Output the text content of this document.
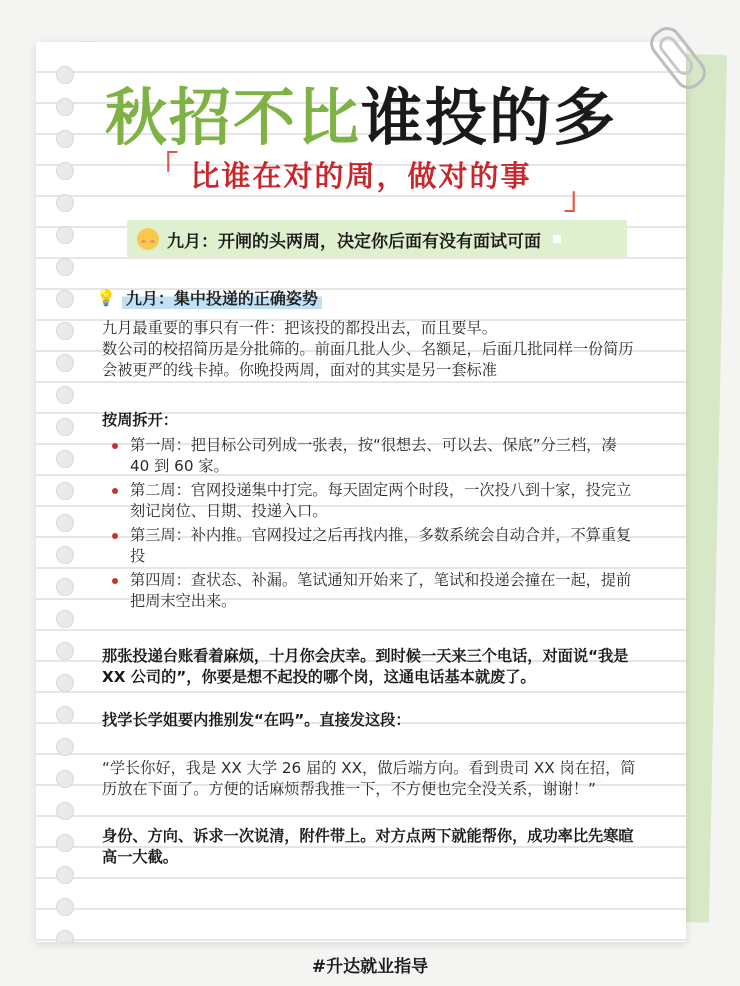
秋招不比谁投的多
「 比谁在对的周，做对的事
」
九月：开闸的头两周，决定你后面有没有面试可面
💡 九月：集中投递的正确姿势
九月最重要的事只有一件：把该投的都投出去，而且要早。
数公司的校招简历是分批筛的。前面几批人少、名额足，后面几批同样一份简历会被更严的线卡掉。你晚投两周，面对的其实是另一套标准
按周拆开：
第一周：把目标公司列成一张表，按“很想去、可以去、保底”分三档，凑 40 到 60 家。
第二周：官网投递集中打完。每天固定两个时段，一次投八到十家，投完立刻记岗位、日期、投递入口。
第三周：补内推。官网投过之后再找内推，多数系统会自动合并，不算重复投
第四周：查状态、补漏。笔试通知开始来了，笔试和投递会撞在一起，提前把周末空出来。
那张投递台账看着麻烦，十月你会庆幸。到时候一天来三个电话，对面说“我是 XX 公司的”，你要是想不起投的哪个岗，这通电话基本就废了。
找学长学姐要内推别发“在吗”。直接发这段：
“学长你好，我是 XX 大学 26 届的 XX，做后端方向。看到贵司 XX 岗在招，简历放在下面了。方便的话麻烦帮我推一下，不方便也完全没关系，谢谢！”
身份、方向、诉求一次说清，附件带上。对方点两下就能帮你，成功率比先寒暄高一大截。
#升达就业指导
